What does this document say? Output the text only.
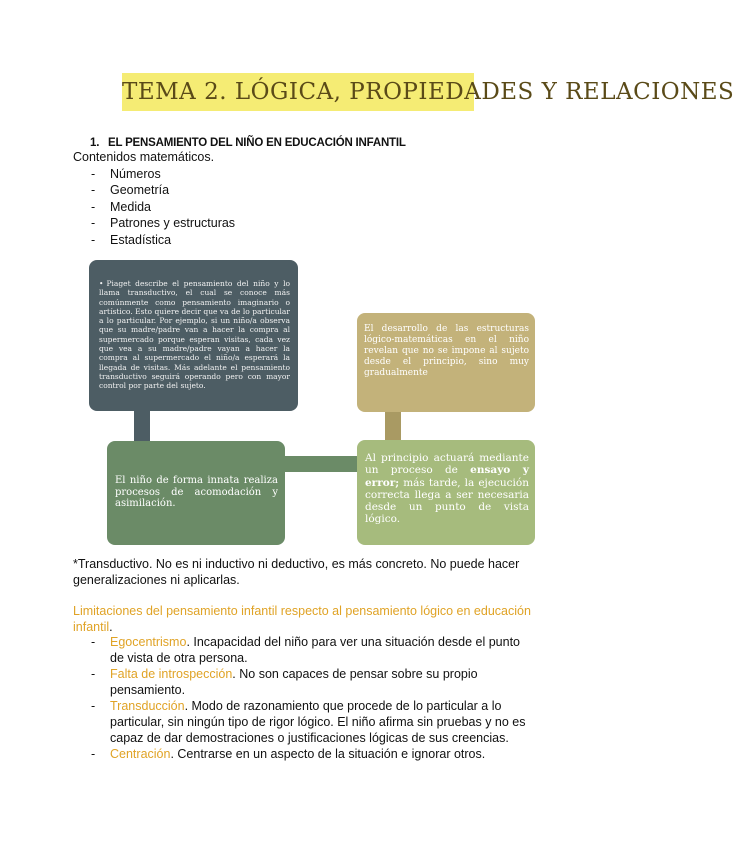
TEMA 2. LÓGICA, PROPIEDADES Y RELACIONES
1. EL PENSAMIENTO DEL NIÑO EN EDUCACIÓN INFANTIL
Contenidos matemáticos.
- Números
- Geometría
- Medida
- Patrones y estructuras
- Estadística

• Piaget describe el pensamiento del niño y lo llama transductivo, el cual se conoce más comúnmente como pensamiento imaginario o artístico. Esto quiere decir que va de lo particular a lo particular. Por ejemplo, si un niño/a observa que su madre/padre van a hacer la compra al supermercado porque esperan visitas, cada vez que vea a su madre/padre vayan a hacer la compra al supermercado el niño/a esperará la llegada de visitas. Más adelante el pensamiento transductivo seguirá operando pero con mayor control por parte del sujeto.

El desarrollo de las estructuras lógico-matemáticas en el niño revelan que no se impone al sujeto desde el principio, sino muy gradualmente

El niño de forma innata realiza procesos de acomodación y asimilación.

Al principio actuará mediante un proceso de ensayo y error; más tarde, la ejecución correcta llega a ser necesaria desde un punto de vista lógico.

*Transductivo. No es ni inductivo ni deductivo, es más concreto. No puede hacer generalizaciones ni aplicarlas.
Limitaciones del pensamiento infantil respecto al pensamiento lógico en educación infantil.
- Egocentrismo. Incapacidad del niño para ver una situación desde el punto de vista de otra persona.
- Falta de introspección. No son capaces de pensar sobre su propio pensamiento.
- Transducción. Modo de razonamiento que procede de lo particular a lo particular, sin ningún tipo de rigor lógico. El niño afirma sin pruebas y no es capaz de dar demostraciones o justificaciones lógicas de sus creencias.
- Centración. Centrarse en un aspecto de la situación e ignorar otros.
